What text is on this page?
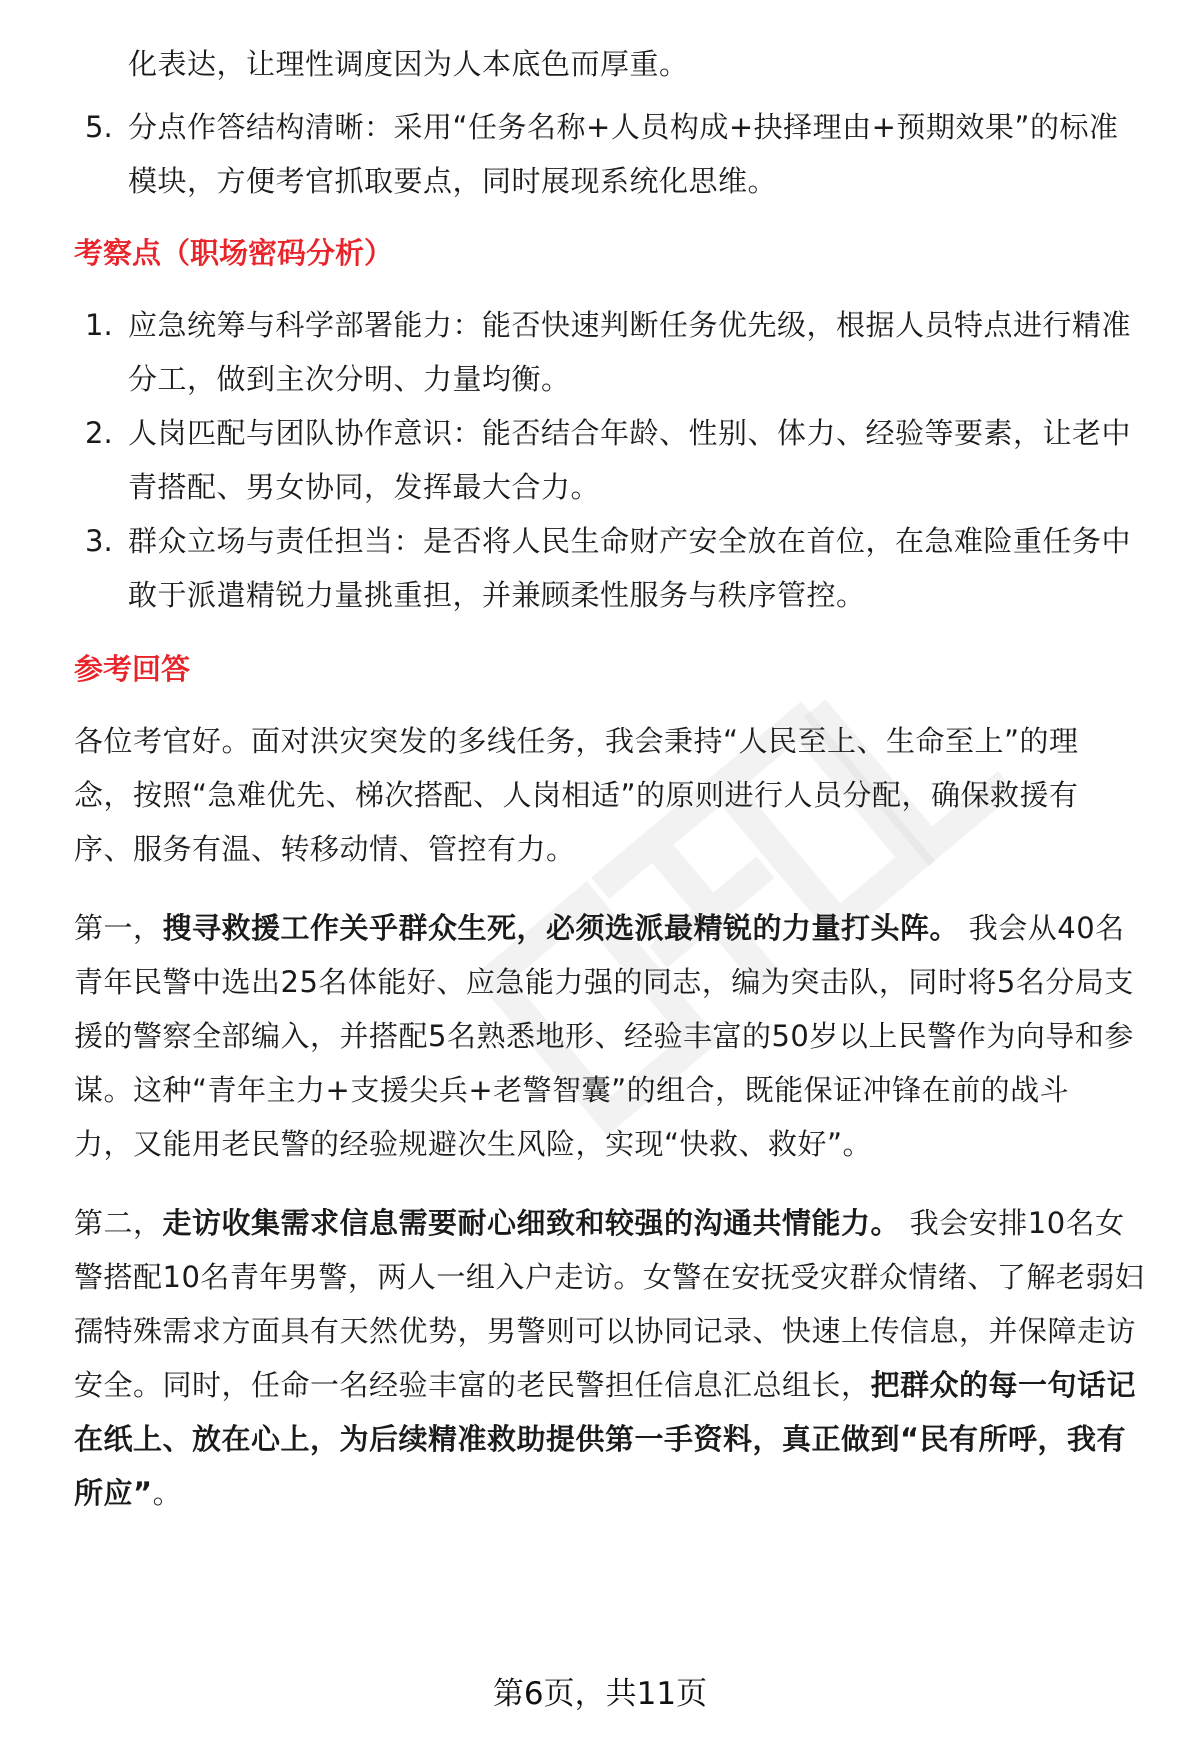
化表达，让理性调度因为人本底色而厚重。
5. 分点作答结构清晰：采用“任务名称+人员构成+抉择理由+预期效果”的标准
模块，方便考官抓取要点，同时展现系统化思维。
考察点（职场密码分析）
1. 应急统筹与科学部署能力：能否快速判断任务优先级，根据人员特点进行精准
分工，做到主次分明、力量均衡。
2. 人岗匹配与团队协作意识：能否结合年龄、性别、体力、经验等要素，让老中
青搭配、男女协同，发挥最大合力。
3. 群众立场与责任担当：是否将人民生命财产安全放在首位，在急难险重任务中
敢于派遣精锐力量挑重担，并兼顾柔性服务与秩序管控。
参考回答
各位考官好。面对洪灾突发的多线任务，我会秉持“人民至上、生命至上”的理
念，按照“急难优先、梯次搭配、人岗相适”的原则进行人员分配，确保救援有
序、服务有温、转移动情、管控有力。
第一，搜寻救援工作关乎群众生死，必须选派最精锐的力量打头阵。 我会从40名
青年民警中选出25名体能好、应急能力强的同志，编为突击队，同时将5名分局支
援的警察全部编入，并搭配5名熟悉地形、经验丰富的50岁以上民警作为向导和参
谋。这种“青年主力+支援尖兵+老警智囊”的组合，既能保证冲锋在前的战斗
力，又能用老民警的经验规避次生风险，实现“快救、救好”。
第二，走访收集需求信息需要耐心细致和较强的沟通共情能力。 我会安排10名女
警搭配10名青年男警，两人一组入户走访。女警在安抚受灾群众情绪、了解老弱妇
孺特殊需求方面具有天然优势，男警则可以协同记录、快速上传信息，并保障走访
安全。同时，任命一名经验丰富的老民警担任信息汇总组长，把群众的每一句话记
在纸上、放在心上，为后续精准救助提供第一手资料，真正做到“民有所呼，我有
所应”。
第6页，共11页
